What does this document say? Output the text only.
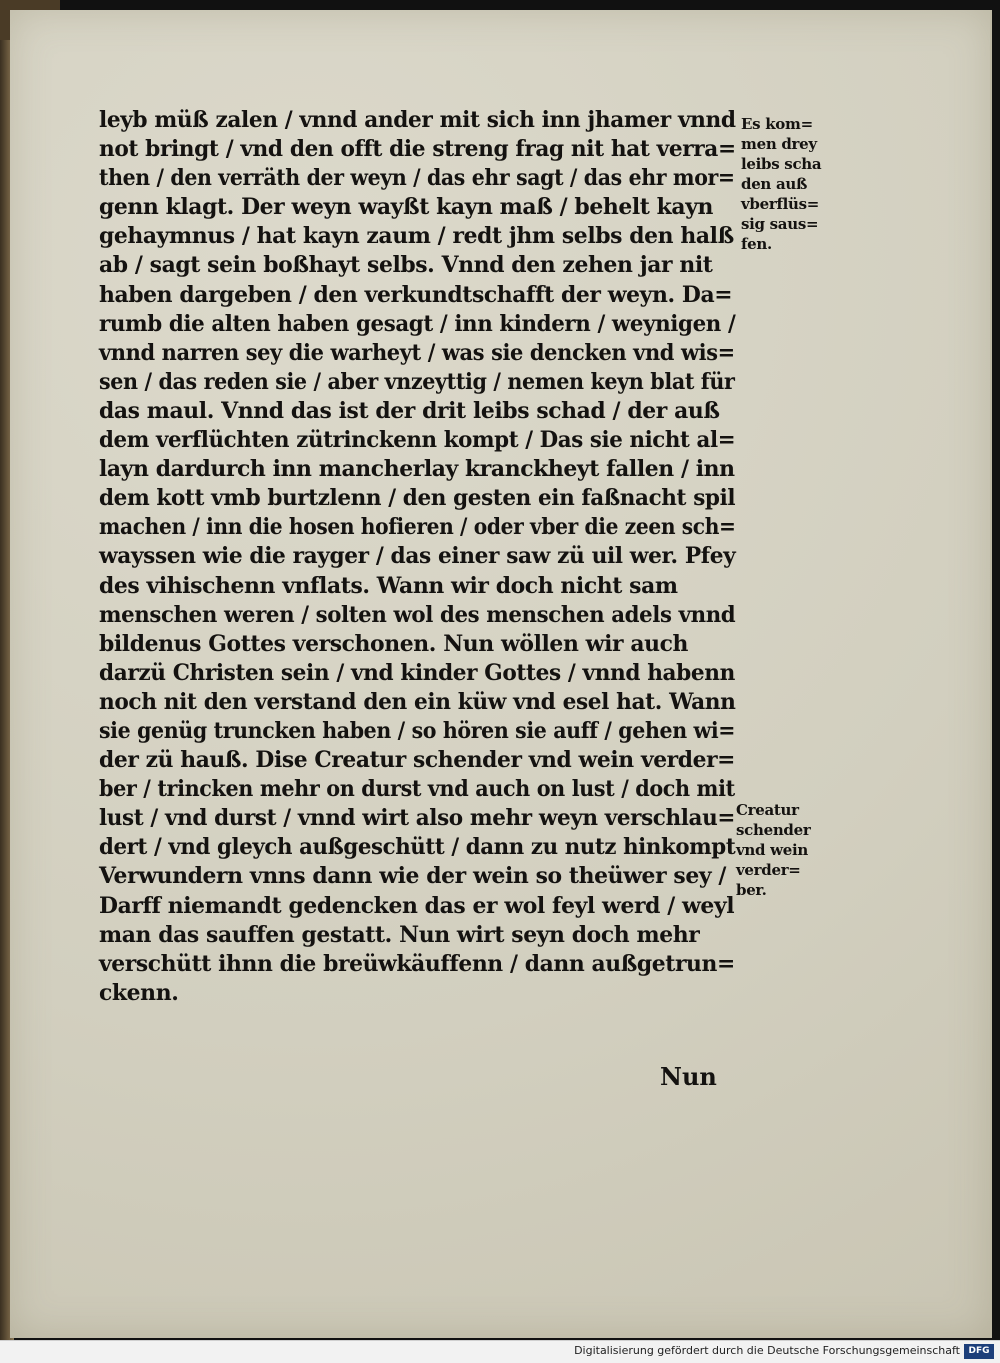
leyb müß zalen / vnnd ander mit sich inn jhamer vnnd
not bringt / vnd den offt die streng frag nit hat verra=
then / den verräth der weyn / das ehr sagt / das ehr mor=
genn klagt. Der weyn wayßt kayn maß / behelt kayn
gehaymnus / hat kayn zaum / redt jhm selbs den halß
ab / sagt sein boßhayt selbs. Vnnd den zehen jar nit
haben dargeben / den verkundtschafft der weyn. Da=
rumb die alten haben gesagt / inn kindern / weynigen /
vnnd narren sey die warheyt / was sie dencken vnd wis=
sen / das reden sie / aber vnzeyttig / nemen keyn blat für
das maul. Vnnd das ist der drit leibs schad / der auß
dem verflüchten zütrinckenn kompt / Das sie nicht al=
layn dardurch inn mancherlay kranckheyt fallen / inn
dem kott vmb burtzlenn / den gesten ein faßnacht spil
machen / inn die hosen hofieren / oder vber die zeen sch=
wayssen wie die rayger / das einer saw zü uil wer. Pfey
des vihischenn vnflats. Wann wir doch nicht sam
menschen weren / solten wol des menschen adels vnnd
bildenus Gottes verschonen. Nun wöllen wir auch
darzü Christen sein / vnd kinder Gottes / vnnd habenn
noch nit den verstand den ein küw vnd esel hat. Wann
sie genüg truncken haben / so hören sie auff / gehen wi=
der zü hauß. Dise Creatur schender vnd wein verder=
ber / trincken mehr on durst vnd auch on lust / doch mit
lust / vnd durst / vnnd wirt also mehr weyn verschlau=
dert / vnd gleych außgeschütt / dann zu nutz hinkompt
Verwundern vnns dann wie der wein so theüwer sey /
Darff niemandt gedencken das er wol feyl werd / weyl
man das sauffen gestatt. Nun wirt seyn doch mehr
verschütt ihnn die breüwkäuffenn / dann außgetrun=
ckenn.
Es kom=
men drey
leibs scha
den auß
vberflüs=
sig saus=
fen.
Creatur
schender
vnd wein
verder=
ber.
Nun
Digitalisierung gefördert durch die Deutsche Forschungsgemeinschaft DFG
